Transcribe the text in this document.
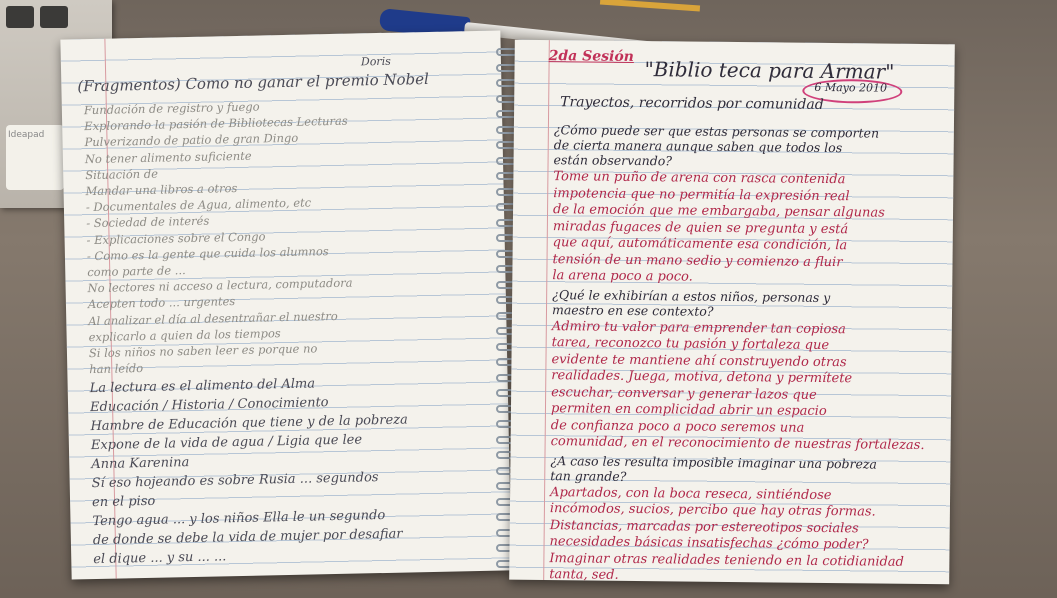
Ideapad
(Fragmentos) Como no ganar el premio Nobel
Doris
Fundación de registro y fuego
Explorando la pasión de Bibliotecas Lecturas
Pulverizando de patio de gran Dingo
No tener alimento suficiente
Situación de
Mandar una libros a otros
- Documentales de Agua, alimento, etc
- Sociedad de interés
- Explicaciones sobre el Congo
- Como es la gente que cuida los alumnos
como parte de ...
No lectores ni acceso a lectura, computadora
Acepten todo ... urgentes
Al analizar el día al desentrañar el nuestro
explicarlo a quien da los tiempos
Si los niños no saben leer es porque no
han leído
La lectura es el alimento del Alma
Educación / Historia / Conocimiento
Hambre de Educación que tiene y de la pobreza
Expone de la vida de agua / Ligia que lee
Anna Karenina
Sí eso hojeando es sobre Rusia ... segundos
en el piso
Tengo agua ... y los niños Ella le un segundo
de donde se debe la vida de mujer por desafiar
el dique ... y su ... ...
2da Sesión
"Biblio teca para Armar"
6 Mayo 2010
Trayectos, recorridos por comunidad
¿Cómo puede ser que estas personas se comporten
de cierta manera aunque saben que todos los
están observando?
Tome un puño de arena con rasca contenida
impotencia que no permitía la expresión real
de la emoción que me embargaba, pensar algunas
miradas fugaces de quien se pregunta y está
que aquí, automáticamente esa condición, la
tensión de un mano sedio y comienzo a fluir
la arena poco a poco.
¿Qué le exhibirían a estos niños, personas y
maestro en ese contexto?
Admiro tu valor para emprender tan copiosa
tarea, reconozco tu pasión y fortaleza que
evidente te mantiene ahí construyendo otras
realidades. Juega, motiva, detona y permítete
escuchar, conversar y generar lazos que
permiten en complicidad abrir un espacio
de confianza poco a poco seremos una
comunidad, en el reconocimiento de nuestras fortalezas.
¿A caso les resulta imposible imaginar una pobreza
tan grande?
Apartados, con la boca reseca, sintiéndose
incómodos, sucios, percibo que hay otras formas.
Distancias, marcadas por estereotipos sociales
necesidades básicas insatisfechas ¿cómo poder?
Imaginar otras realidades teniendo en la cotidianidad
tanta, sed.
